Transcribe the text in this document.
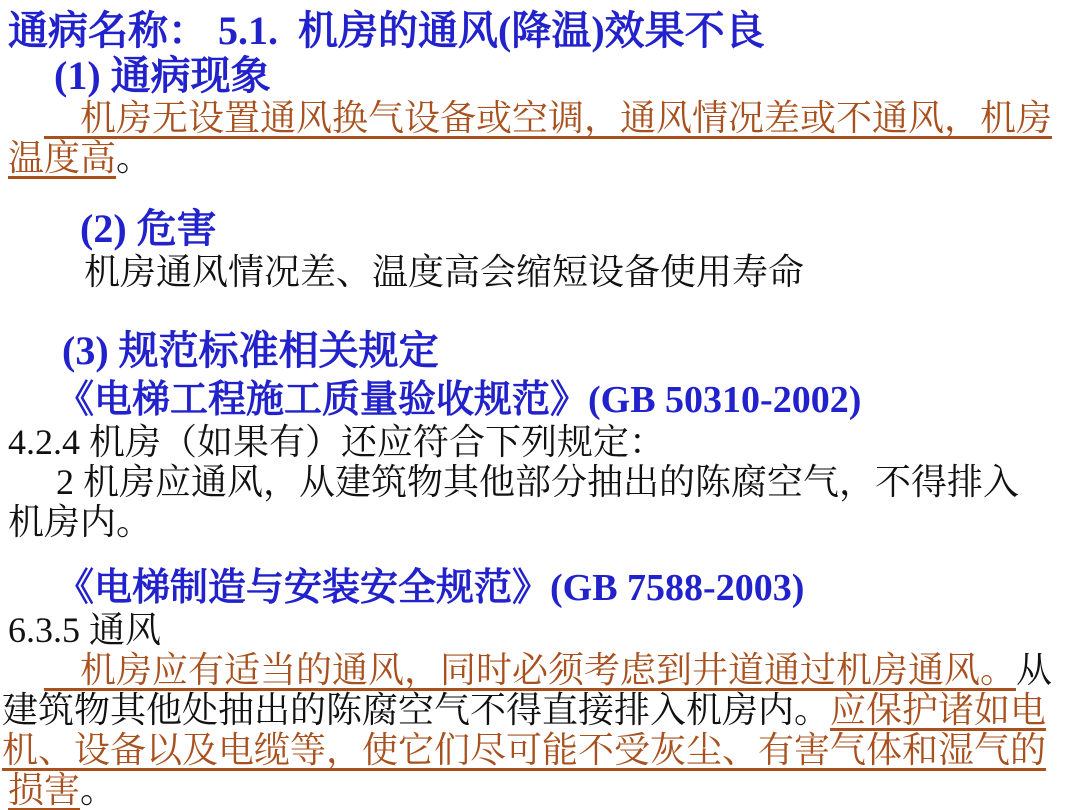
通病名称： 5.1.  机房的通风(降温)效果不良
(1) 通病现象
　机房无设置通风换气设备或空调，通风情况差或不通风，机房
温度高。
(2) 危害
机房通风情况差、温度高会缩短设备使用寿命
(3) 规范标准相关规定
《电梯工程施工质量验收规范》(GB 50310-2002)
4.2.4 机房（如果有）还应符合下列规定：
2 机房应通风，从建筑物其他部分抽出的陈腐空气，不得排入
机房内。
《电梯制造与安装安全规范》(GB 7588-2003)
6.3.5 通风
　机房应有适当的通风，同时必须考虑到井道通过机房通风。从
建筑物其他处抽出的陈腐空气不得直接排入机房内。应保护诸如电
机、设备以及电缆等，使它们尽可能不受灰尘、有害气体和湿气的
损害。
